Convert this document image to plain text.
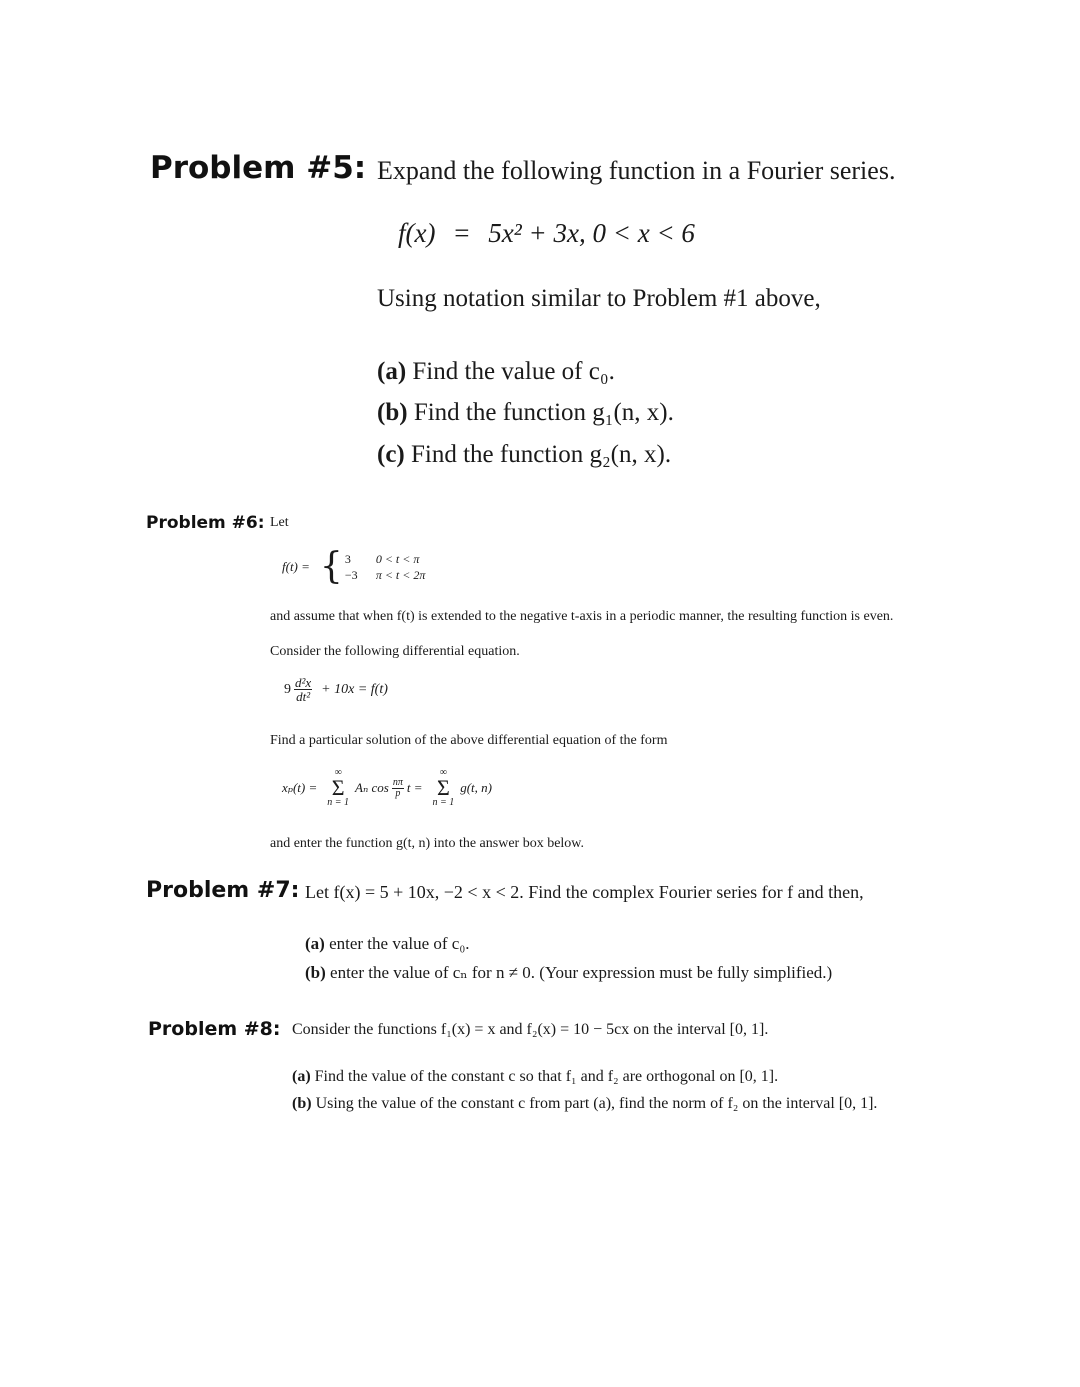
Problem #5: Expand the following function in a Fourier series.
f(x) = 5x² + 3x, 0 < x < 6
Using notation similar to Problem #1 above,
(a) Find the value of c₀.
(b) Find the function g₁(n, x).
(c) Find the function g₂(n, x).
Problem #6: Let
f(t) = { 3 0 < t < π
−3 π < t < 2π
and assume that when f(t) is extended to the negative t-axis in a periodic manner, the resulting function is even.
Consider the following differential equation.
$9 \frac{\text{d²x}}{\text{dt²}} + 10x = f(t)$
Find a particular solution of the above differential equation of the form
xₚ(t) =
∞
Σ
n = 1
Aₙ $\cos \frac{n\pi}{p}$ t =
∞
Σ
n = 1
g(t, n)
and enter the function g(t, n) into the answer box below.
Problem #7: Let f(x) = 5 + 10x, −2 < x < 2. Find the complex Fourier series for f and then,
(a) enter the value of c₀.
(b) enter the value of cₙ for n ≠ 0. (Your expression must be fully simplified.)
Problem #8: Consider the functions f₁(x) = x and f₂(x) = 10 − 5cx on the interval [0, 1].
(a) Find the value of the constant c so that f₁ and f₂ are orthogonal on [0, 1].
(b) Using the value of the constant c from part (a), find the norm of f₂ on the interval [0, 1].
